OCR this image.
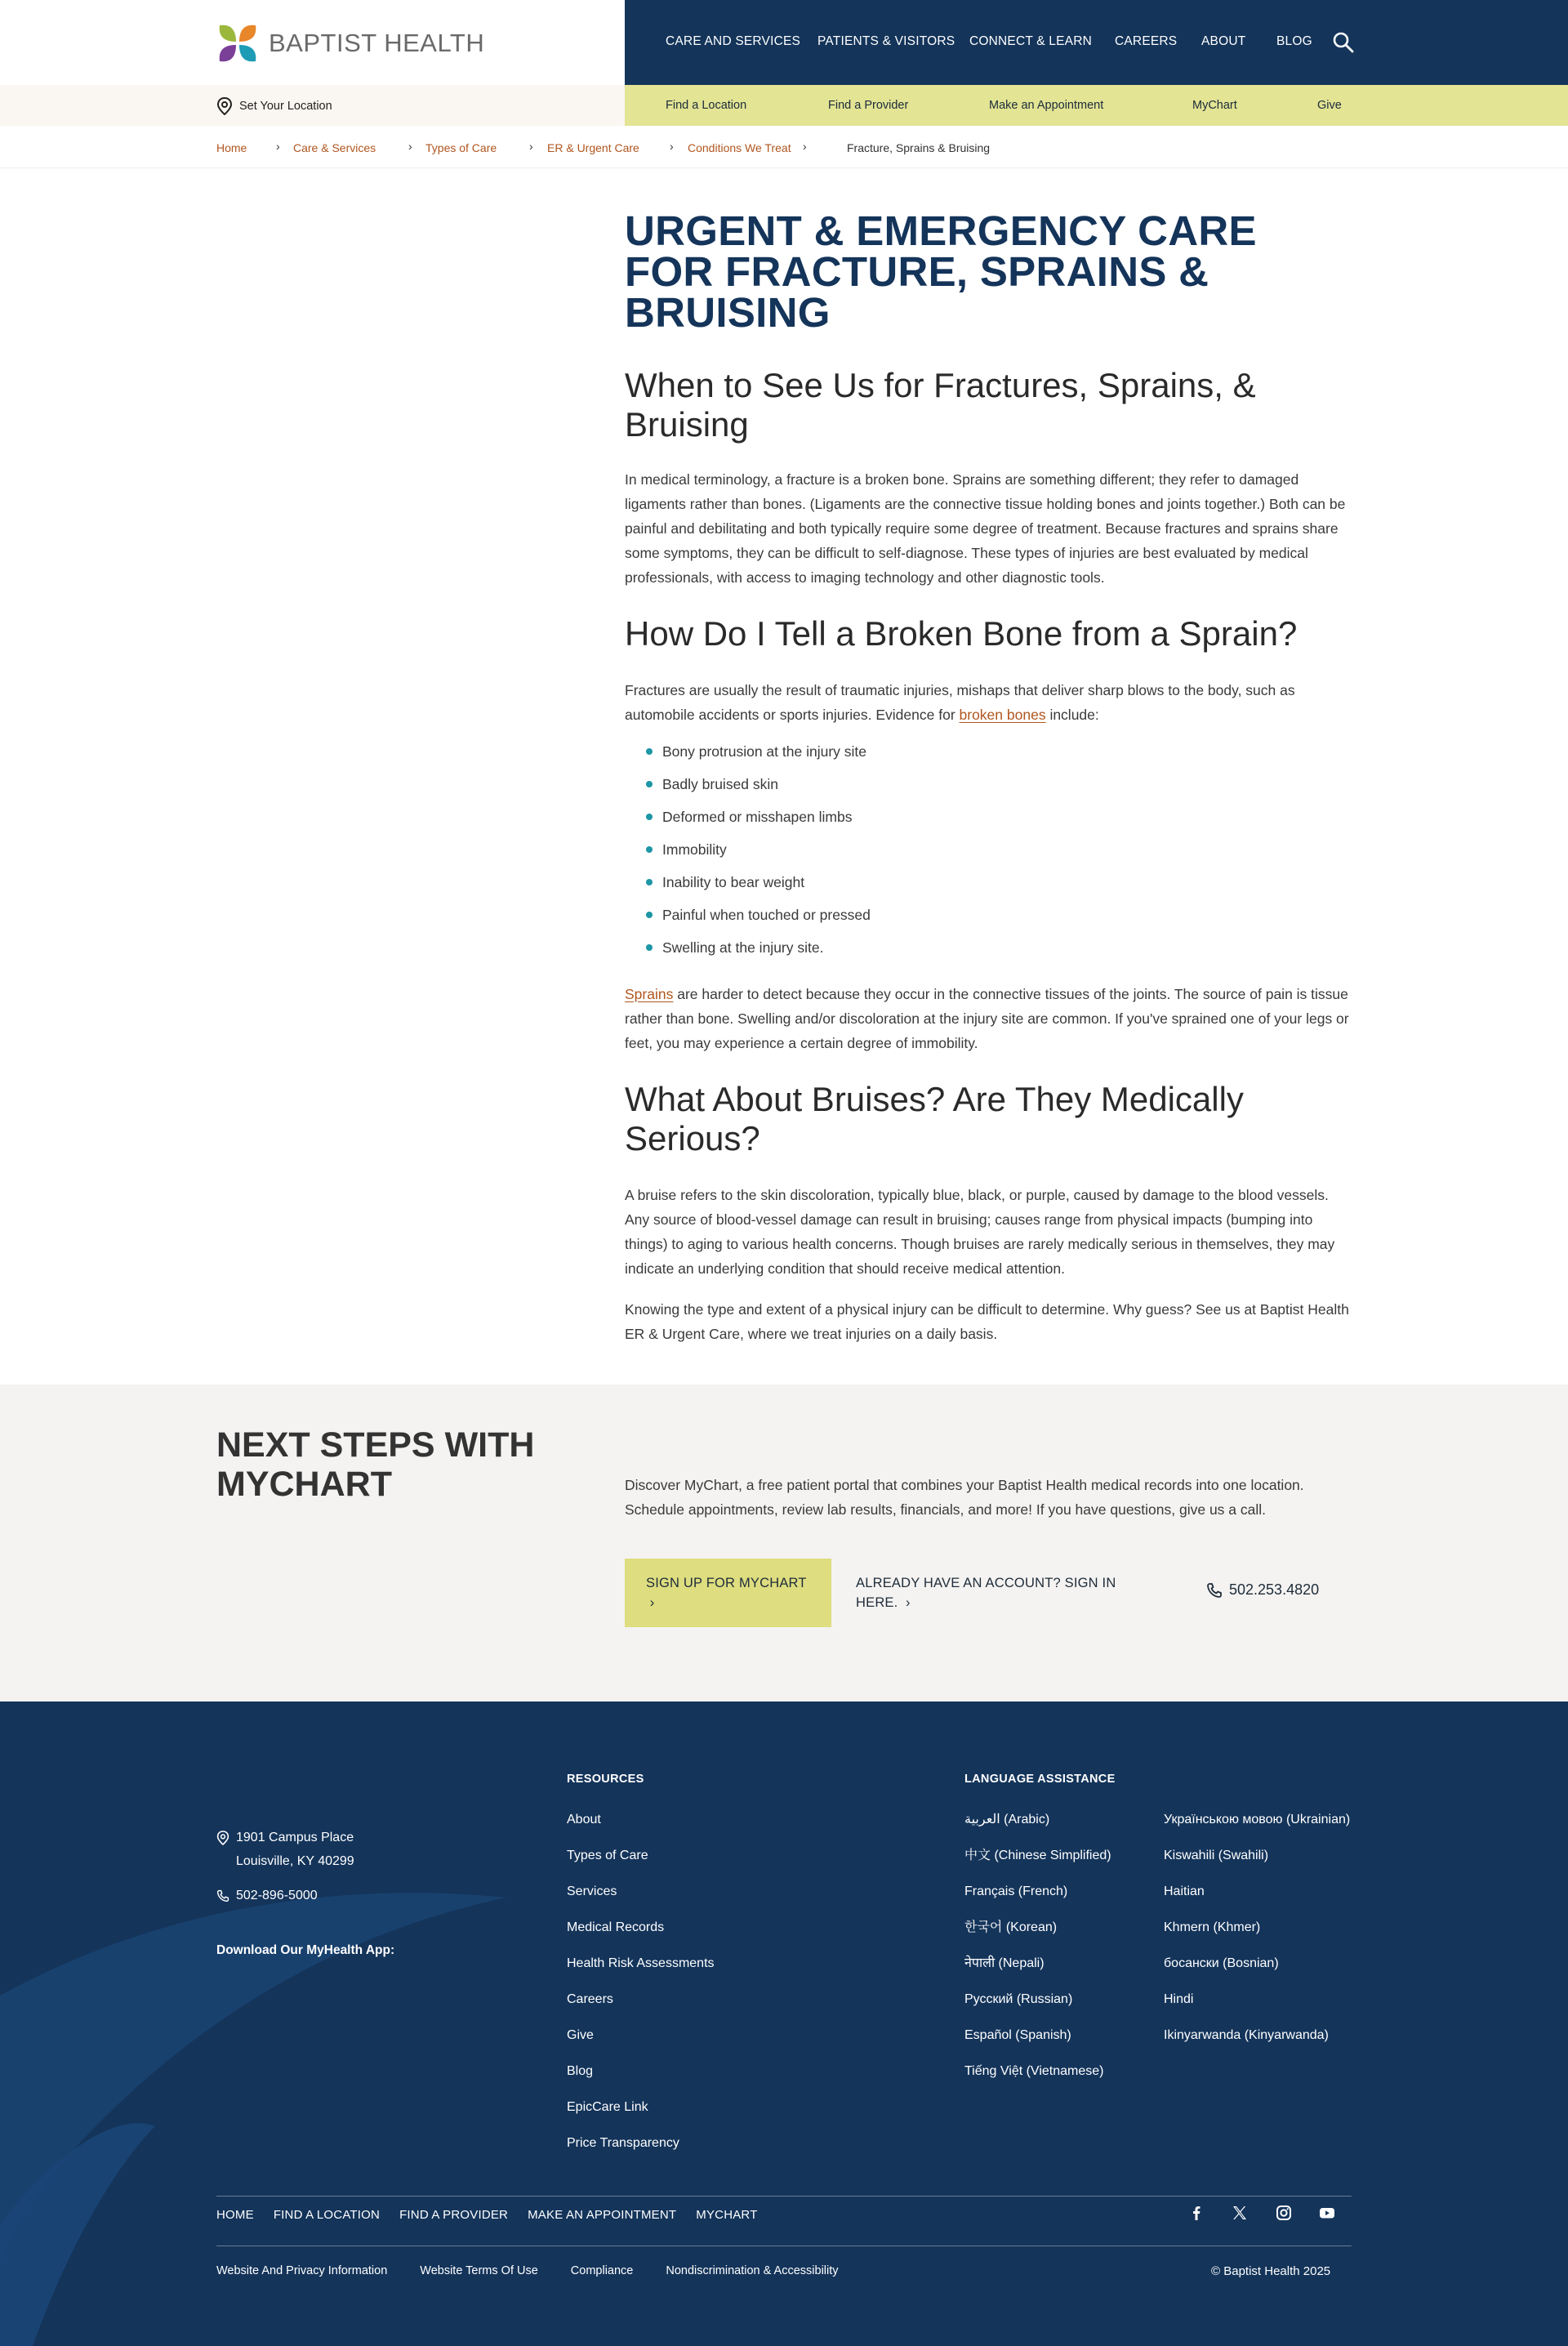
BAPTIST HEALTH	CARE AND SERVICES PATIENTS & VISITORS CONNECT & LEARN CAREERS ABOUT BLOG
Set Your Location	Find a Location	Find a Provider	Make an Appointment	MyChart	Give
Home	› Care & Services	› Types of Care	› ER & Urgent Care	› Conditions We Treat ›	Fracture, Sprains & Bruising
URGENT & EMERGENCY CARE FOR FRACTURE, SPRAINS & BRUISING
When to See Us for Fractures, Sprains, & Bruising

In medical terminology, a fracture is a broken bone. Sprains are something different; they refer to damaged ligaments rather than bones. (Ligaments are the connective tissue holding bones and joints together.) Both can be painful and debilitating and both typically require some degree of treatment. Because fractures and sprains share some symptoms, they can be difficult to self-diagnose. These types of injuries are best evaluated by medical professionals, with access to imaging technology and other diagnostic tools.

How Do I Tell a Broken Bone from a Sprain?

Fractures are usually the result of traumatic injuries, mishaps that deliver sharp blows to the body, such as automobile accidents or sports injuries. Evidence for broken bones include:

Bony protrusion at the injury site
Badly bruised skin
Deformed or misshapen limbs
Immobility
Inability to bear weight
Painful when touched or pressed
Swelling at the injury site.

Sprains are harder to detect because they occur in the connective tissues of the joints. The source of pain is tissue rather than bone. Swelling and/or discoloration at the injury site are common. If you've sprained one of your legs or feet, you may experience a certain degree of immobility.

What About Bruises? Are They Medically Serious?

A bruise refers to the skin discoloration, typically blue, black, or purple, caused by damage to the blood vessels. Any source of blood-vessel damage can result in bruising; causes range from physical impacts (bumping into things) to aging to various health concerns. Though bruises are rarely medically serious in themselves, they may indicate an underlying condition that should receive medical attention.

Knowing the type and extent of a physical injury can be difficult to determine. Why guess? See us at Baptist Health ER & Urgent Care, where we treat injuries on a daily basis.

NEXT STEPS WITH MYCHART	Discover MyChart, a free patient portal that combines your Baptist Health medical records into one location. Schedule appointments, review lab results, financials, and more! If you have questions, give us a call.

SIGN UP FOR MYCHART  ›
ALREADY HAVE AN ACCOUNT? SIGN IN HERE.  ›
502.253.4820
1901 Campus Place
Louisville, KY 40299
502-896-5000
Download Our MyHealth App:
RESOURCES
About
Types of Care
Services
Medical Records
Health Risk Assessments
Careers
Give
Blog
EpicCare Link
Price Transparency
LANGUAGE ASSISTANCE
العربية (Arabic)
中文 (Chinese Simplified)
Français (French)
한국어 (Korean)
नेपाली (Nepali)
Русский (Russian)
Español (Spanish)
Tiếng Việt (Vietnamese)
Українською мовою (Ukrainian)
Kiswahili (Swahili)
Haitian
Khmern (Khmer)
босански (Bosnian)
Hindi
Ikinyarwanda (Kinyarwanda)
HOME FIND A LOCATION FIND A PROVIDER MAKE AN APPOINTMENT MYCHART
Website And Privacy Information	Website Terms Of Use	Compliance	Nondiscrimination & Accessibility	© Baptist Health 2025
